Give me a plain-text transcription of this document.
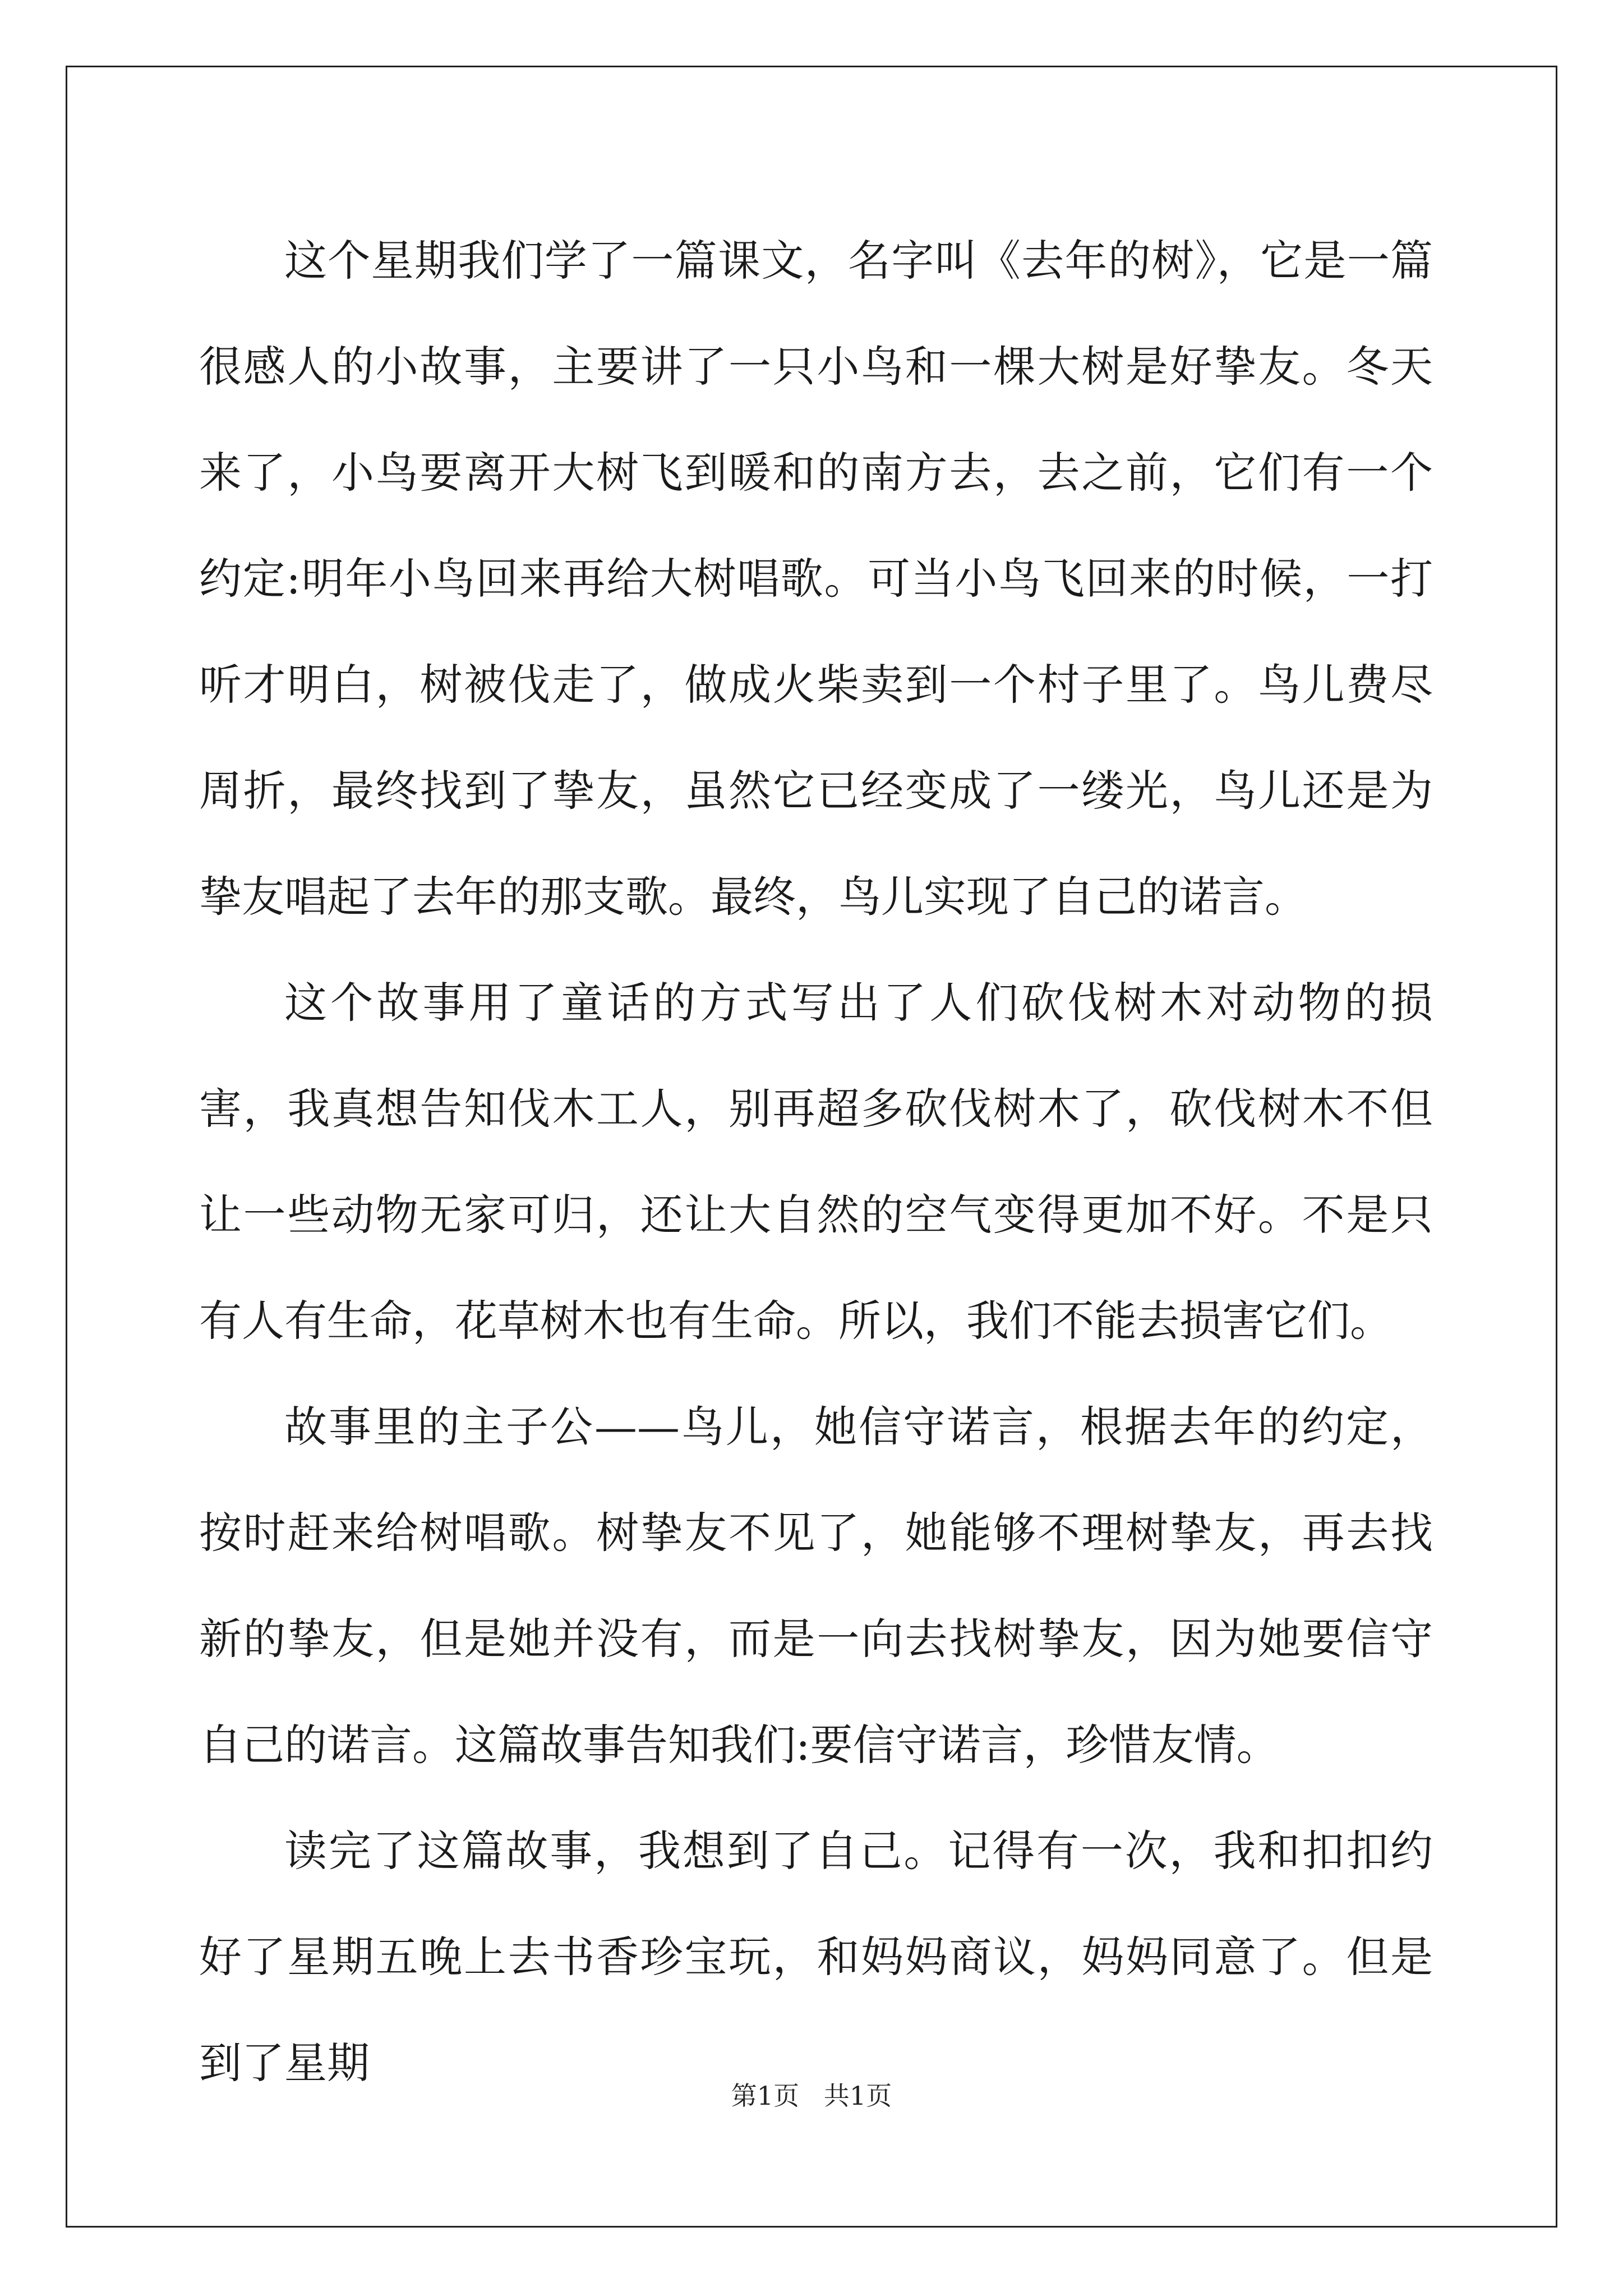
这个星期我们学了一篇课文，名字叫《去年的树》，它是一篇很感人的小故事，主要讲了一只小鸟和一棵大树是好挚友。冬天来了，小鸟要离开大树飞到暖和的南方去，去之前，它们有一个约定:明年小鸟回来再给大树唱歌。可当小鸟飞回来的时候，一打听才明白，树被伐走了，做成火柴卖到一个村子里了。鸟儿费尽周折，最终找到了挚友，虽然它已经变成了一缕光，鸟儿还是为挚友唱起了去年的那支歌。最终，鸟儿实现了自己的诺言。

这个故事用了童话的方式写出了人们砍伐树木对动物的损害，我真想告知伐木工人，别再超多砍伐树木了，砍伐树木不但让一些动物无家可归，还让大自然的空气变得更加不好。不是只有人有生命，花草树木也有生命。所以，我们不能去损害它们。

故事里的主子公——鸟儿，她信守诺言，根据去年的约定，按时赶来给树唱歌。树挚友不见了，她能够不理树挚友，再去找新的挚友，但是她并没有，而是一向去找树挚友，因为她要信守自己的诺言。这篇故事告知我们:要信守诺言，珍惜友情。

读完了这篇故事，我想到了自己。记得有一次，我和扣扣约好了星期五晚上去书香珍宝玩，和妈妈商议，妈妈同意了。但是到了星期

第1页   共1页
